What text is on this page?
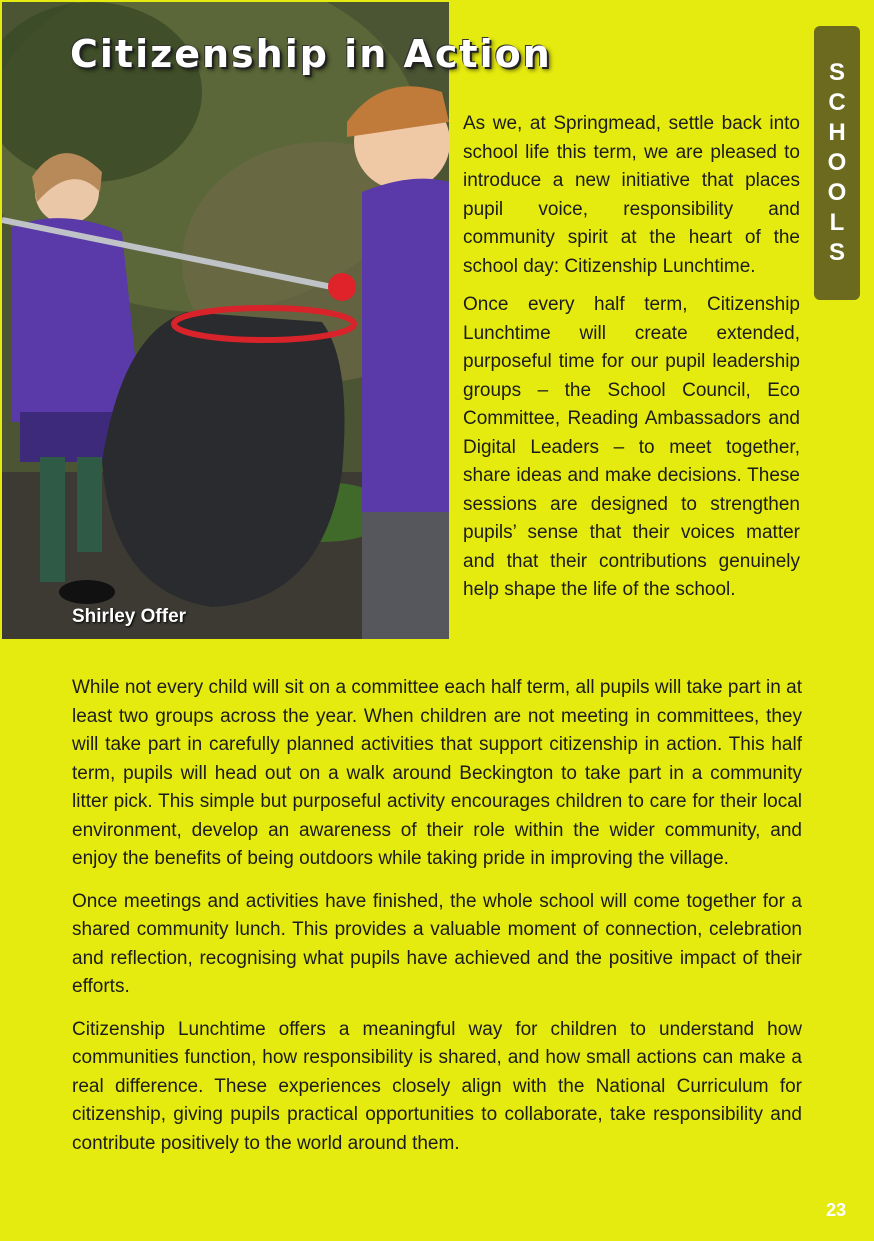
Citizenship in Action
Shirley Offer
S
C
H
O
O
L
S

As we, at Springmead, settle back into school life this term, we are pleased to introduce a new initiative that places pupil voice, responsibility and community spirit at the heart of the school day: Citizenship Lunchtime.

Once every half term, Citizenship Lunchtime will create extended, purposeful time for our pupil leadership groups – the School Council, Eco Committee, Reading Ambassadors and Digital Leaders – to meet together, share ideas and make decisions. These sessions are designed to strengthen pupils’ sense that their voices matter and that their contributions genuinely help shape the life of the school.

While not every child will sit on a committee each half term, all pupils will take part in at least two groups across the year. When children are not meeting in committees, they will take part in carefully planned activities that support citizenship in action. This half term, pupils will head out on a walk around Beckington to take part in a community litter pick. This simple but purposeful activity encourages children to care for their local environment, develop an awareness of their role within the wider community, and enjoy the benefits of being outdoors while taking pride in improving the village.

Once meetings and activities have finished, the whole school will come together for a shared community lunch. This provides a valuable moment of connection, celebration and reflection, recognising what pupils have achieved and the positive impact of their efforts.

Citizenship Lunchtime offers a meaningful way for children to understand how communities function, how responsibility is shared, and how small actions can make a real difference. These experiences closely align with the National Curriculum for citizenship, giving pupils practical opportunities to collaborate, take responsibility and contribute positively to the world around them.

23
